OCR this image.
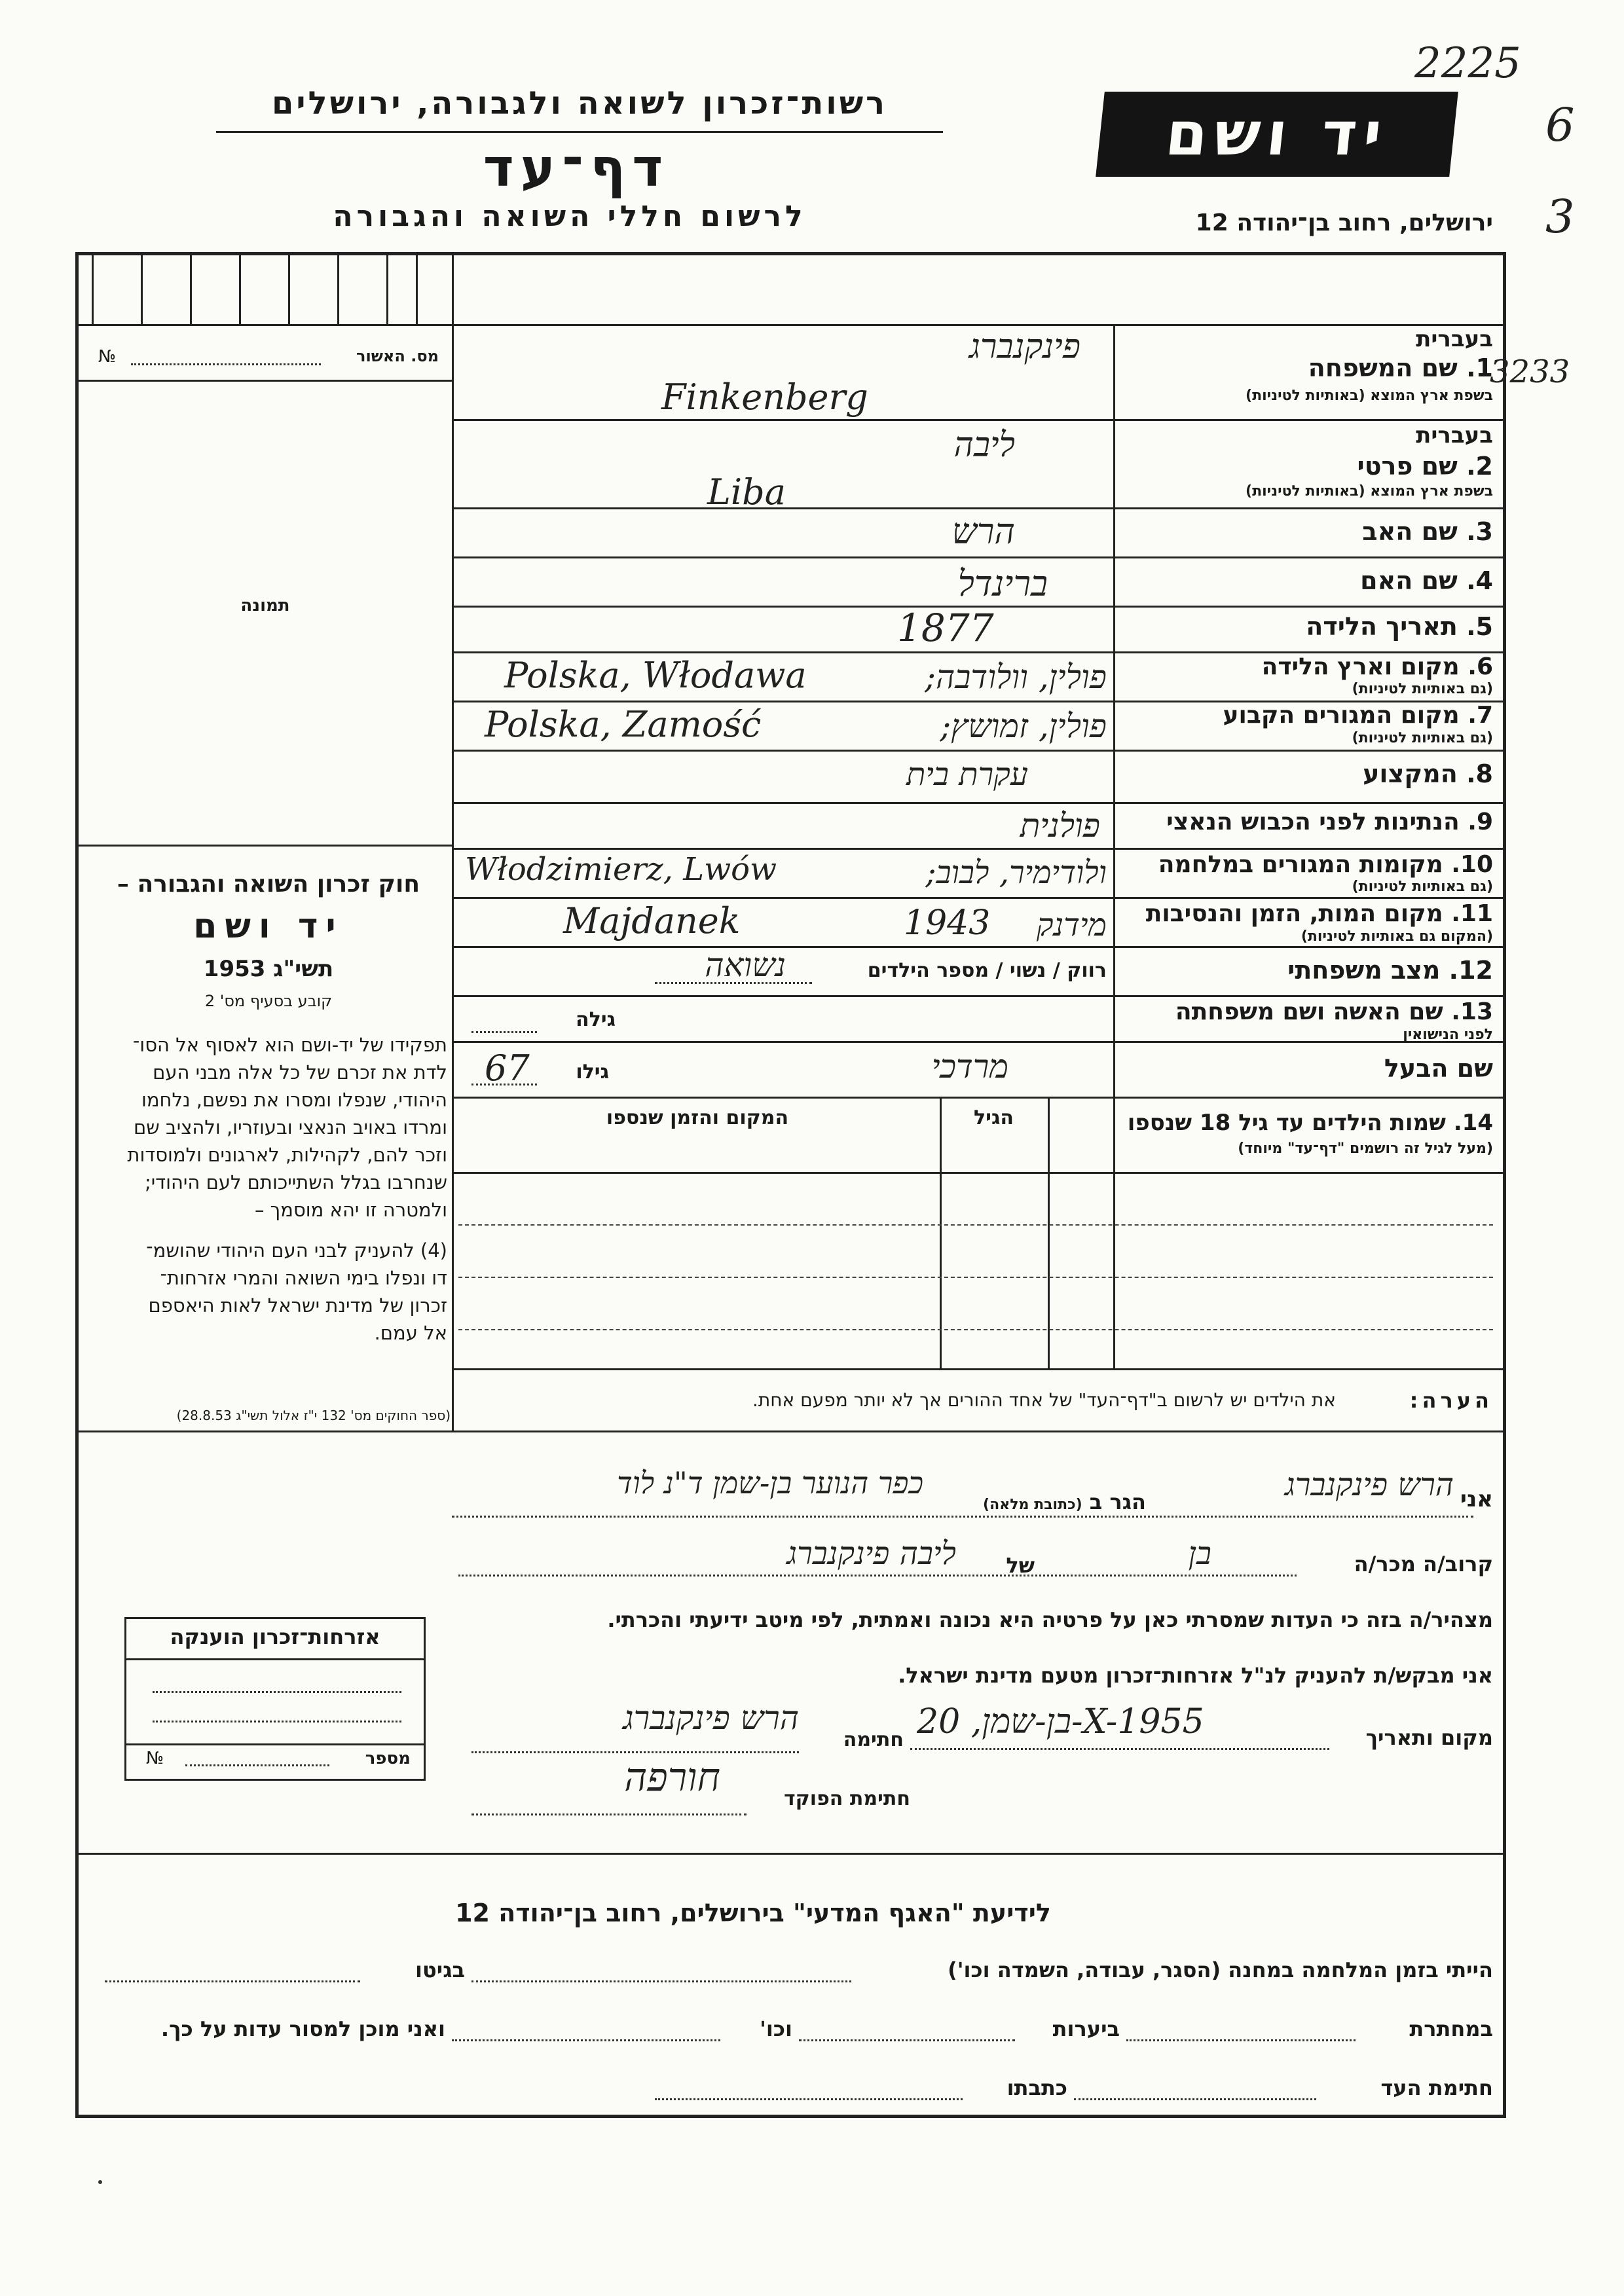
2225
6
3
3233
רשות־זכרון לשואה ולגבורה, ירושלים
דף־עד
לרשום חללי השואה והגבורה
יד ושם
ירושלים, רחוב בן־יהודה 12
מס. האשור
№
תמונה
חוק זכרון השואה והגבורה –
יד ושם
תשי"ג 1953
קובע בסעיף מס' 2
תפקידו של יד-ושם הוא לאסוף אל הסו־
לדת את זכרם של כל אלה מבני העם
היהודי, שנפלו ומסרו את נפשם, נלחמו
ומרדו באויב הנאצי ובעוזריו, ולהציב שם
וזכר להם, לקהילות, לארגונים ולמוסדות
שנחרבו בגלל השתייכותם לעם היהודי;
ולמטרה זו יהא מוסמך –
(4) להעניק לבני העם היהודי שהושמ־
דו ונפלו בימי השואה והמרי אזרחות־
זכרון של מדינת ישראל לאות היאספם
אל עמם.
(ספר החוקים מס' 132 י"ז אלול תשי"ג 28.8.53)
בעברית
1. שם המשפחה
בשפת ארץ המוצא (באותיות לטיניות)
פינקנברג
Finkenberg
בעברית
2. שם פרטי
בשפת ארץ המוצא (באותיות לטיניות)
ליבה
Liba
3. שם האב
הרש
4. שם האם
ברינדל
5. תאריך הלידה
1877
6. מקום וארץ הלידה
(גם באותיות לטיניות)
Polska, Włodawa	פולין, וולודבה;
7. מקום המגורים הקבוע
(גם באותיות לטיניות)
Polska, Zamość	פולין, זמושץ;
8. המקצוע
עקרת בית
9. הנתינות לפני הכבוש הנאצי
פולנית
10. מקומות המגורים במלחמה
(גם באותיות לטיניות)
Włodzimierz, Lwów	ולודימיר, לבוב;
11. מקום המות, הזמן והנסיבות
(המקום גם באותיות לטיניות)
Majdanek	1943	מידנק
12. מצב משפחתי
רווק / נשוי / מספר הילדים
נשואה
13. שם האשה ושם משפחתה
לפני הנישואין
גילה
שם הבעל
מרדכי
גילו
67
14. שמות הילדים עד גיל 18 שנספו
(מעל לגיל זה רושמים "דף־עד" מיוחד)
הגיל
המקום והזמן שנספו
הערה:
את הילדים יש לרשום ב"דף־העד" של אחד ההורים אך לא יותר מפעם אחת.
אני
הרש פינקנברג
הגר ב (כתובת מלאה)
כפר הנוער בן-שמן ד"נ לוד
קרוב/ה מכר/ה
בן
של
ליבה פינקנברג
מצהיר/ה בזה כי העדות שמסרתי כאן על פרטיה היא נכונה ואמתית, לפי מיטב ידיעתי והכרתי.
אני מבקש/ת להעניק לנ"ל אזרחות־זכרון מטעם מדינת ישראל.
מקום ותאריך
בן-שמן, 20-X-1955
חתימה
הרש פינקנברג
חורפה	חתימת הפוקד
אזרחות־זכרון הוענקה
מספר
№
לידיעת "האגף המדעי" בירושלים, רחוב בן־יהודה 12
הייתי בזמן המלחמה במחנה (הסגר, עבודה, השמדה וכו')
בגיטו
במחתרת
ביערות
וכו'
ואני מוכן למסור עדות על כך.
חתימת העד
כתבתו
